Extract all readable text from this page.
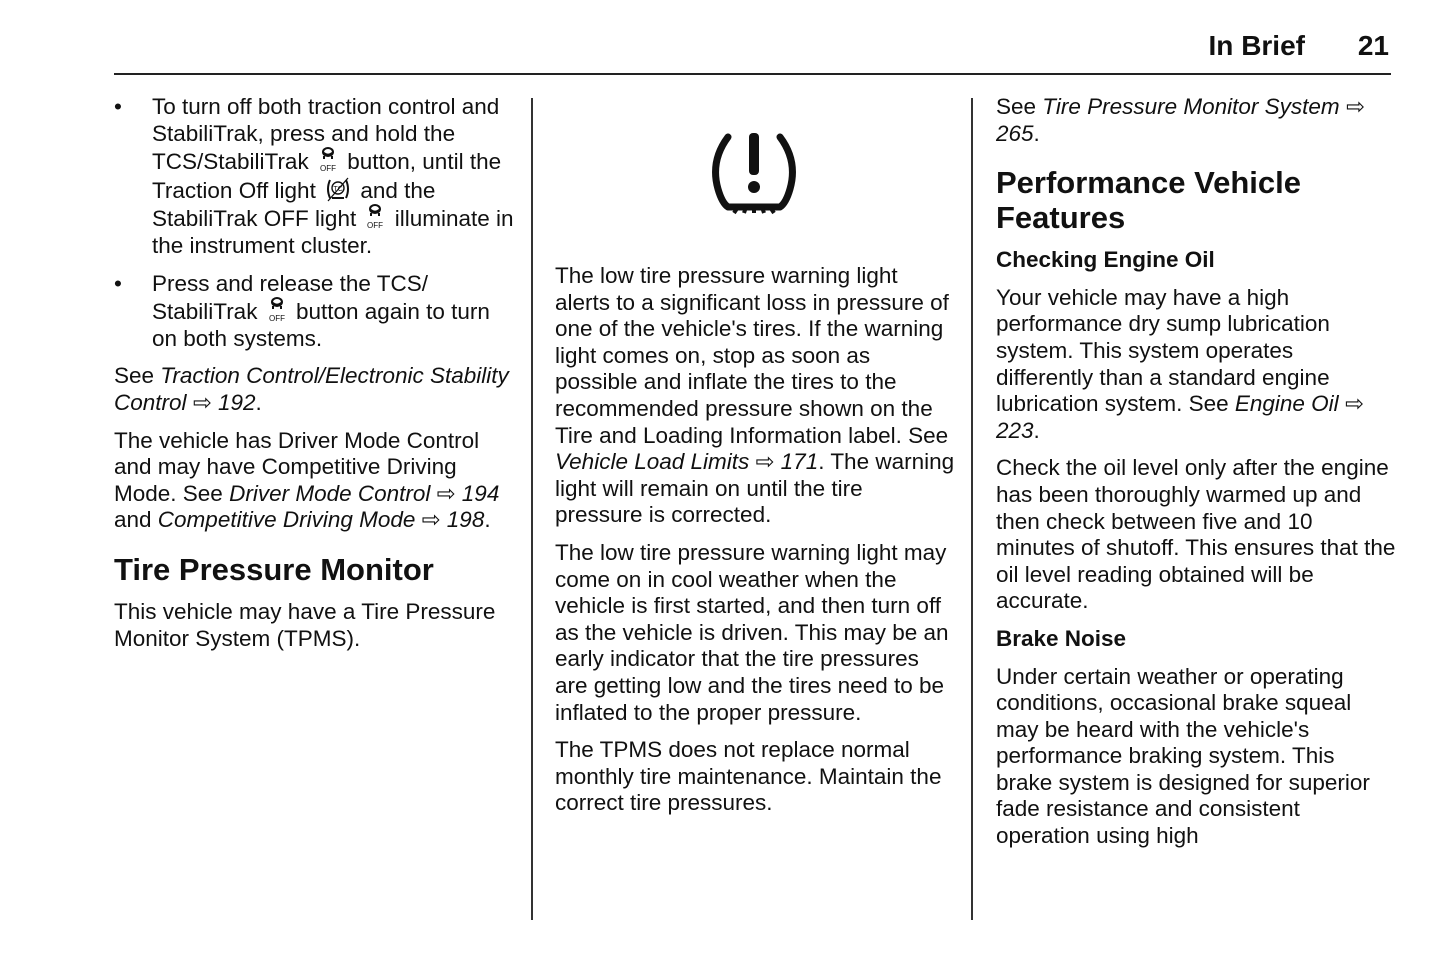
In Brief 21
• To turn off both traction control and StabiliTrak, press and hold the TCS/StabiliTrak button, until the Traction Off light and the StabiliTrak OFF light illuminate in the instrument cluster.
• Press and release the TCS/ StabiliTrak button again to turn on both systems.

See Traction Control/Electronic Stability Control ⇨ 192.

The vehicle has Driver Mode Control and may have Competitive Driving Mode. See Driver Mode Control ⇨ 194 and Competitive Driving Mode ⇨ 198.

Tire Pressure Monitor

This vehicle may have a Tire Pressure Monitor System (TPMS).

The low tire pressure warning light alerts to a significant loss in pressure of one of the vehicle's tires. If the warning light comes on, stop as soon as possible and inflate the tires to the recommended pressure shown on the Tire and Loading Information label. See Vehicle Load Limits ⇨ 171. The warning light will remain on until the tire pressure is corrected.

The low tire pressure warning light may come on in cool weather when the vehicle is first started, and then turn off as the vehicle is driven. This may be an early indicator that the tire pressures are getting low and the tires need to be inflated to the proper pressure.

The TPMS does not replace normal monthly tire maintenance. Maintain the correct tire pressures.

See Tire Pressure Monitor System ⇨ 265.

Performance Vehicle Features
Checking Engine Oil

Your vehicle may have a high performance dry sump lubrication system. This system operates differently than a standard engine lubrication system. See Engine Oil ⇨ 223.

Check the oil level only after the engine has been thoroughly warmed up and then check between five and 10 minutes of shutoff. This ensures that the oil level reading obtained will be accurate.

Brake Noise

Under certain weather or operating conditions, occasional brake squeal may be heard with the vehicle's performance braking system. This brake system is designed for superior fade resistance and consistent operation using high
